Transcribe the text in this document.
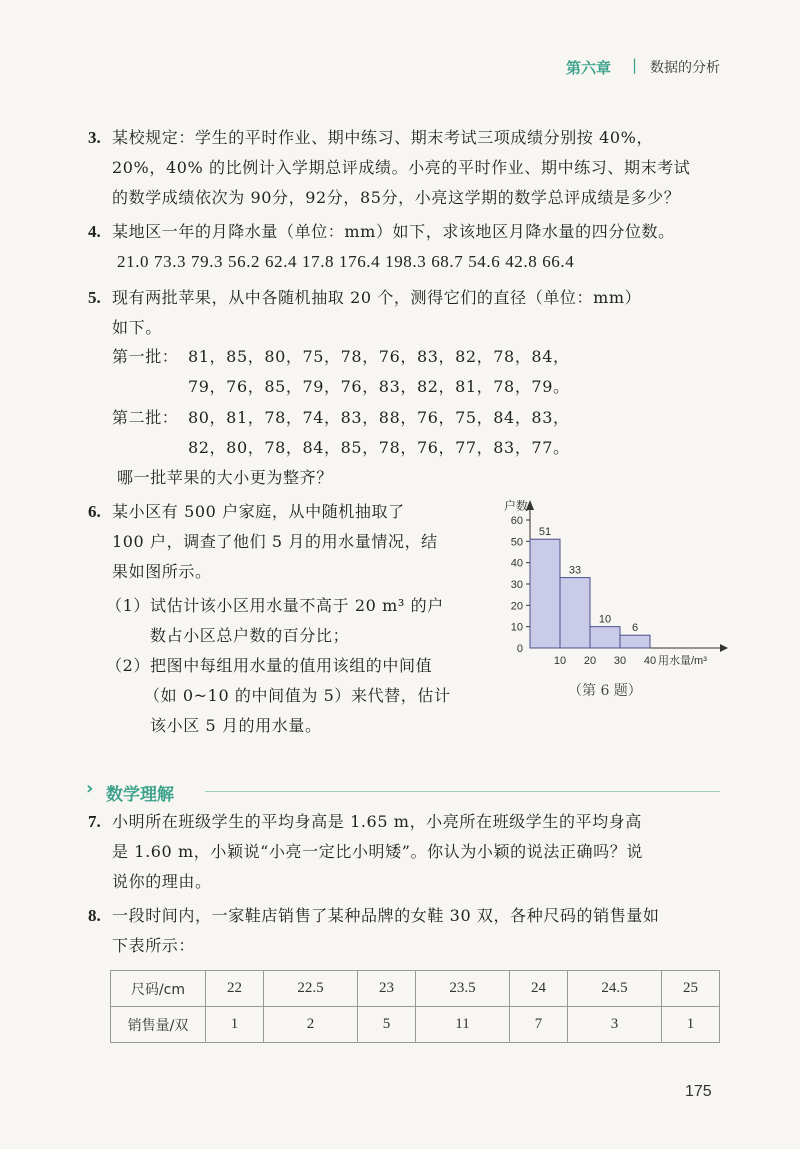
第六章 | 数据的分析
3. 某校规定：学生的平时作业、期中练习、期末考试三项成绩分别按 40%，
20%，40% 的比例计入学期总评成绩。小亮的平时作业、期中练习、期末考试
的数学成绩依次为 90分，92分，85分，小亮这学期的数学总评成绩是多少？
4. 某地区一年的月降水量（单位：mm）如下，求该地区月降水量的四分位数。
21.0 73.3 79.3 56.2 62.4 17.8 176.4 198.3 68.7 54.6 42.8 66.4
5. 现有两批苹果，从中各随机抽取 20 个，测得它们的直径（单位：mm）
如下。
第一批： 81，85，80，75，78，76，83，82，78，84，
79，76，85，79，76，83，82，81，78，79。
第二批： 80，81，78，74，83，88，76，75，84，83，
82，80，78，84，85，78，76，77，83，77。
哪一批苹果的大小更为整齐？
6. 某小区有 500 户家庭，从中随机抽取了
100 户，调查了他们 5 月的用水量情况，结
果如图所示。
（1） 试估计该小区用水量不高于 20 m³ 的户
数占小区总户数的百分比；
（2） 把图中每组用水量的值用该组的中间值
（如 0~10 的中间值为 5）来代替，估计
该小区 5 月的用水量。
0
10
20
30
40
50
60
51
33
10
6
10 20 30 40
户数
用水量/m³
（第 6 题）
› 数学理解
7. 小明所在班级学生的平均身高是 1.65 m，小亮所在班级学生的平均身高
是 1.60 m，小颖说“小亮一定比小明矮”。你认为小颖的说法正确吗？说
说你的理由。
8. 一段时间内，一家鞋店销售了某种品牌的女鞋 30 双，各种尺码的销售量如
下表所示：
尺码/cm	22	22.5	23	23.5	24	24.5	25
销售量/双	1	2	5	11	7	3	1
175
